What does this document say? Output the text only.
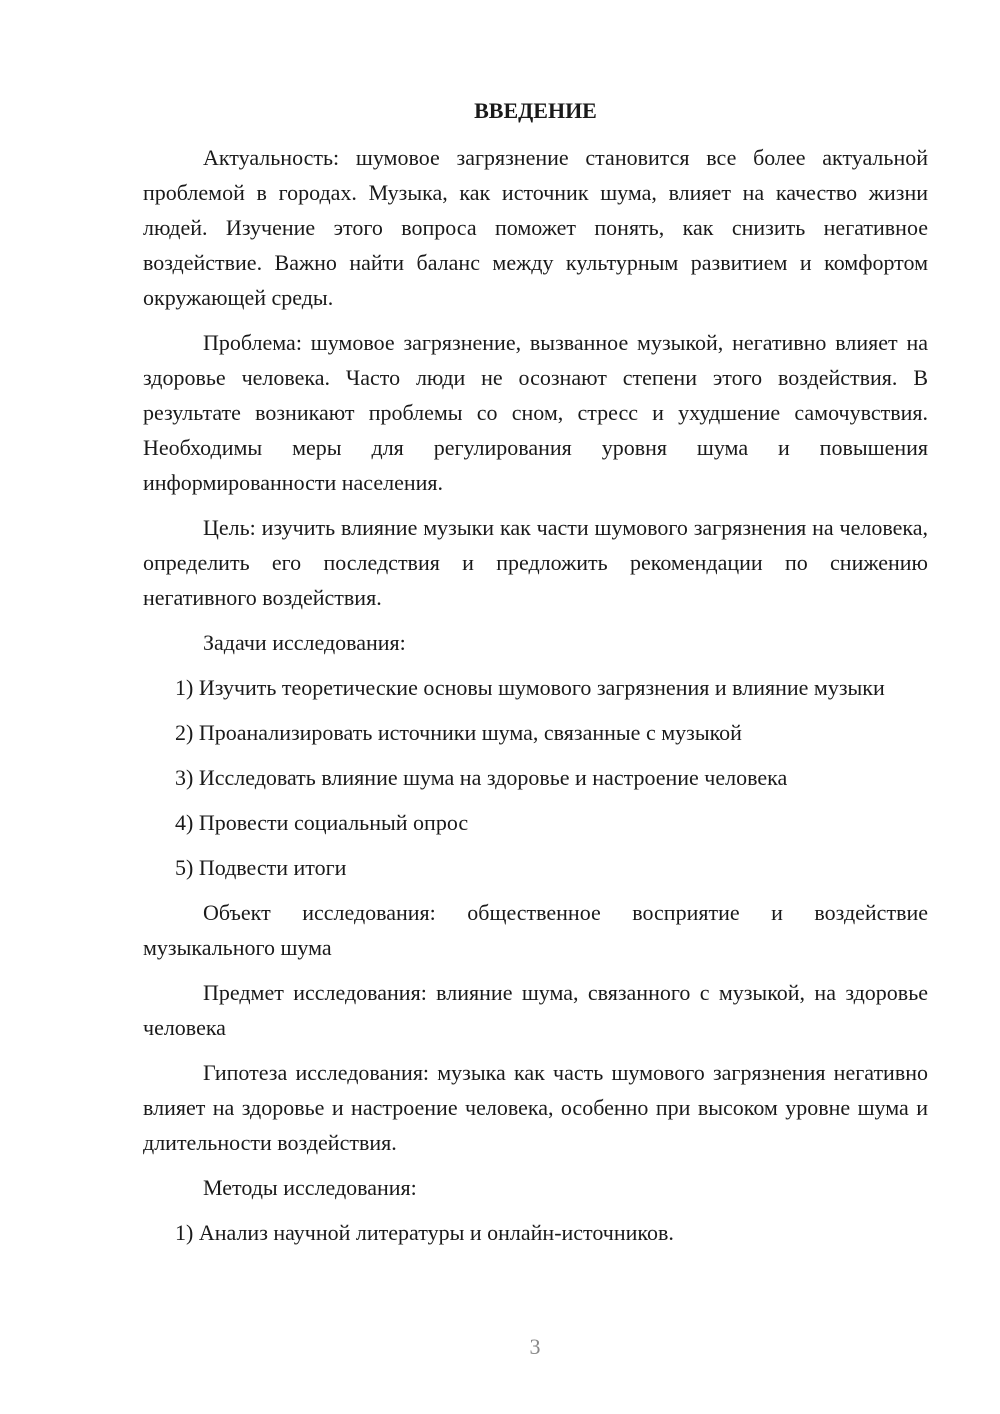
ВВЕДЕНИЕ

Актуальность: шумовое загрязнение становится все более актуальной проблемой в городах. Музыка, как источник шума, влияет на качество жизни людей. Изучение этого вопроса поможет понять, как снизить негативное воздействие. Важно найти баланс между культурным развитием и комфортом окружающей среды.

Проблема: шумовое загрязнение, вызванное музыкой, негативно влияет на здоровье человека. Часто люди не осознают степени этого воздействия. В результате возникают проблемы со сном, стресс и ухудшение самочувствия. Необходимы меры для регулирования уровня шума и повышения информированности населения.

Цель: изучить влияние музыки как части шумового загрязнения на человека, определить его последствия и предложить рекомендации по снижению негативного воздействия.

Задачи исследования:

1) Изучить теоретические основы шумового загрязнения и влияние музыки

2) Проанализировать источники шума, связанные с музыкой

3) Исследовать влияние шума на здоровье и настроение человека

4) Провести социальный опрос

5) Подвести итоги

Объект исследования: общественное восприятие и воздействие музыкального шума

Предмет исследования: влияние шума, связанного с музыкой, на здоровье человека

Гипотеза исследования: музыка как часть шумового загрязнения негативно влияет на здоровье и настроение человека, особенно при высоком уровне шума и длительности воздействия.

Методы исследования:

1) Анализ научной литературы и онлайн-источников.

3
